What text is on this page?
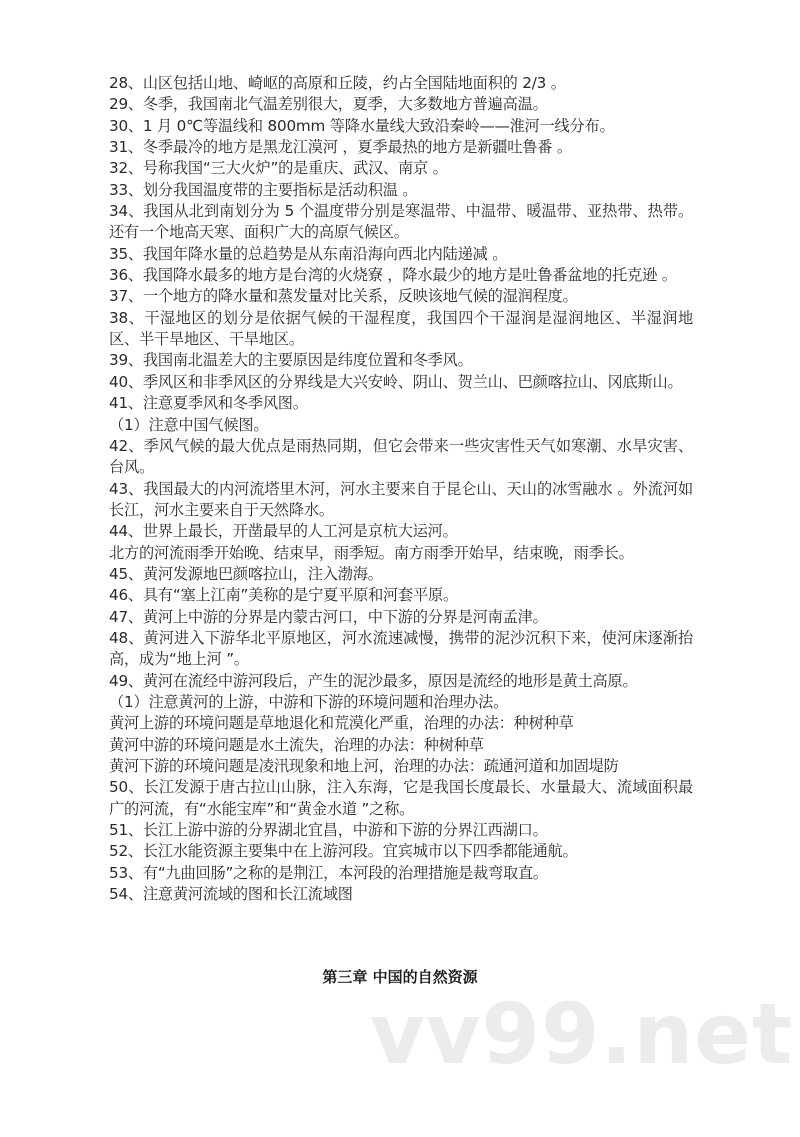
28、山区包括山地、崎岖的高原和丘陵，约占全国陆地面积的 2/3 。

29、冬季，我国南北气温差别很大，夏季，大多数地方普遍高温。

30、1 月 0℃等温线和 800mm 等降水量线大致沿秦岭——淮河一线分布。

31、冬季最冷的地方是黑龙江漠河 ，夏季最热的地方是新疆吐鲁番 。

32、号称我国“三大火炉”的是重庆、武汉、南京 。

33、划分我国温度带的主要指标是活动积温 。

34、我国从北到南划分为 5 个温度带分别是寒温带、中温带、暖温带、亚热带、热带。还有一个地高天寒、面积广大的高原气候区。

35、我国年降水量的总趋势是从东南沿海向西北内陆递减 。

36、我国降水最多的地方是台湾的火烧寮 ，降水最少的地方是吐鲁番盆地的托克逊 。

37、一个地方的降水量和蒸发量对比关系，反映该地气候的湿润程度。

38、干湿地区的划分是依据气候的干湿程度，我国四个干湿润是湿润地区、半湿润地区、半干旱地区、干旱地区。

39、我国南北温差大的主要原因是纬度位置和冬季风。

40、季风区和非季风区的分界线是大兴安岭、阴山、贺兰山、巴颜喀拉山、冈底斯山。

41、注意夏季风和冬季风图。

（1）注意中国气候图。

42、季风气候的最大优点是雨热同期，但它会带来一些灾害性天气如寒潮、水旱灾害、台风。

43、我国最大的内河流塔里木河，河水主要来自于昆仑山、天山的冰雪融水 。外流河如长江，河水主要来自于天然降水。

44、世界上最长，开凿最早的人工河是京杭大运河。

北方的河流雨季开始晚、结束早，雨季短。南方雨季开始早，结束晚，雨季长。

45、黄河发源地巴颜喀拉山，注入渤海。

46、具有“塞上江南”美称的是宁夏平原和河套平原。

47、黄河上中游的分界是内蒙古河口，中下游的分界是河南孟津。

48、黄河进入下游华北平原地区，河水流速减慢，携带的泥沙沉积下来，使河床逐渐抬高，成为“地上河 ”。

49、黄河在流经中游河段后，产生的泥沙最多，原因是流经的地形是黄土高原。

（1）注意黄河的上游，中游和下游的环境问题和治理办法。

黄河上游的环境问题是草地退化和荒漠化严重，治理的办法：种树种草

黄河中游的环境问题是水土流失，治理的办法：种树种草

黄河下游的环境问题是凌汛现象和地上河，治理的办法：疏通河道和加固堤防

50、长江发源于唐古拉山山脉，注入东海，它是我国长度最长、水量最大、流域面积最广的河流，有“水能宝库”和“黄金水道 ”之称。

51、长江上游中游的分界湖北宜昌，中游和下游的分界江西湖口。

52、长江水能资源主要集中在上游河段。宜宾城市以下四季都能通航。

53、有“九曲回肠”之称的是荆江，本河段的治理措施是裁弯取直。

54、注意黄河流域的图和长江流域图

第三章 中国的自然资源
vv99.net
